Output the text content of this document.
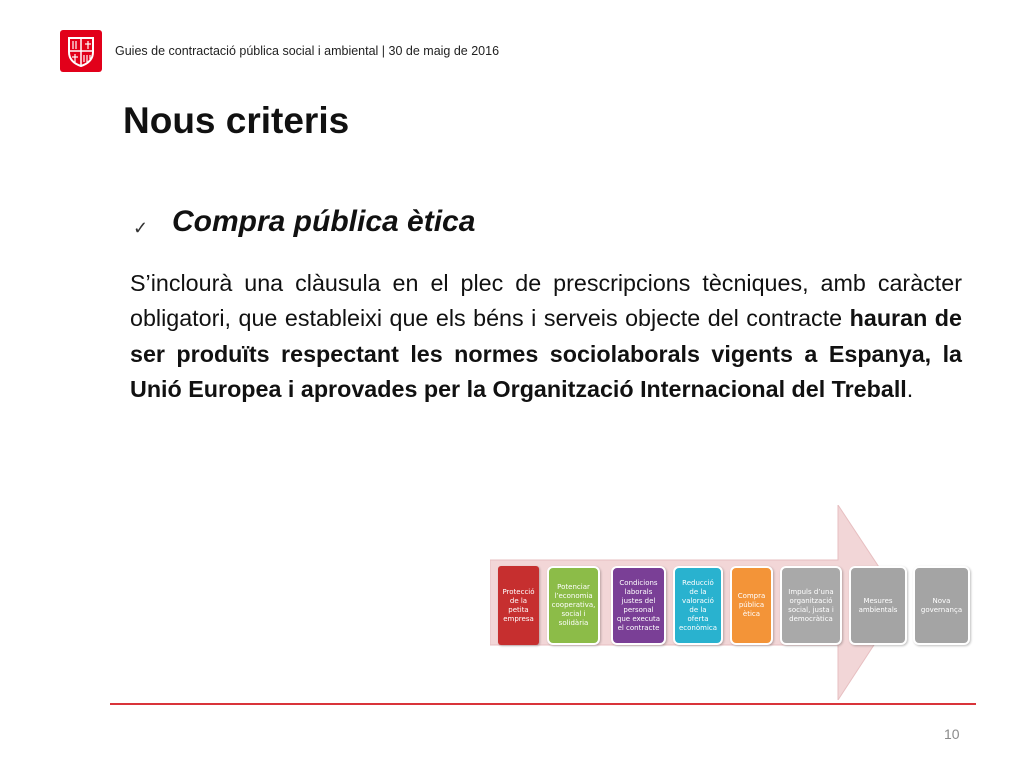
Guies de contractació pública social i ambiental | 30 de maig de 2016
Nous criteris
✓ Compra pública ètica
S’inclourà una clàusula en el plec de prescripcions tècniques, amb caràcter obligatori, que estableixi que els béns i serveis objecte del contracte hauran de ser produïts respectant les normes sociolaborals vigents a Espanya, la Unió Europea i aprovades per la Organització Internacional del Treball.
Protecció de la petita empresa
Potenciar l’economia cooperativa, social i solidària
Condicions laborals justes del personal que executa el contracte
Reducció de la valoració de la oferta econòmica
Compra pública ètica
Impuls d’una organització social, justa i democràtica
Mesures ambientals
Nova governança
10
